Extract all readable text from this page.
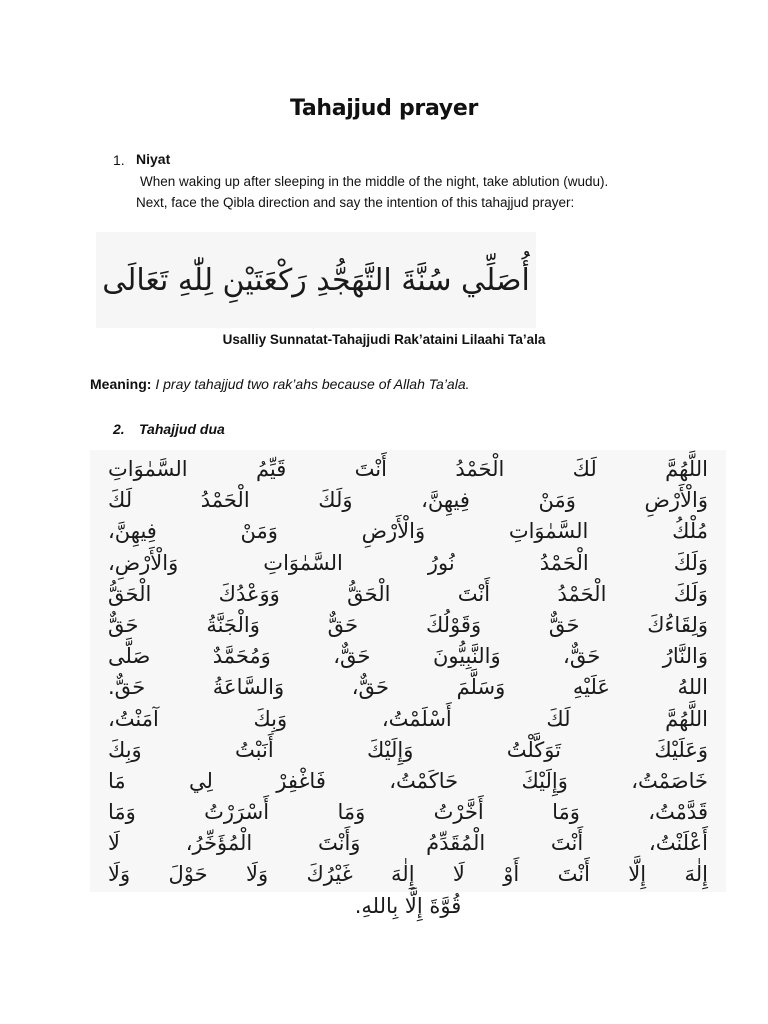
Tahajjud prayer
1. Niyat
When waking up after sleeping in the middle of the night, take ablution (wudu).
Next, face the Qibla direction and say the intention of this tahajjud prayer:
أُصَلِّي سُنَّةَ التَّهَجُّدِ رَكْعَتَيْنِ لِلّٰهِ تَعَالَى
Usalliy Sunnatat-Tahajjudi Rak’ataini Lilaahi Ta’ala
Meaning: I pray tahajjud two rak’ahs because of Allah Ta’ala.
2. Tahajjud dua
اللَّهُمَّ لَكَ الْحَمْدُ أَنْتَ قَيِّمُ السَّمٰوَاتِ
وَالْأَرْضِ وَمَنْ فِيهِنَّ، وَلَكَ الْحَمْدُ لَكَ
مُلْكُ السَّمٰوَاتِ وَالْأَرْضِ وَمَنْ فِيهِنَّ،
وَلَكَ الْحَمْدُ نُورُ السَّمٰوَاتِ وَالْأَرْضِ،
وَلَكَ الْحَمْدُ أَنْتَ الْحَقُّ وَوَعْدُكَ الْحَقُّ
وَلِقَاءُكَ حَقٌّ وَقَوْلُكَ حَقٌّ وَالْجَنَّةُ حَقٌّ
وَالنَّارُ حَقٌّ، وَالنَّبِيُّونَ حَقٌّ، وَمُحَمَّدٌ صَلَّى
اللهُ عَلَيْهِ وَسَلَّمَ حَقٌّ، وَالسَّاعَةُ حَقٌّ.
اللَّهُمَّ لَكَ أَسْلَمْتُ، وَبِكَ آمَنْتُ،
وَعَلَيْكَ تَوَكَّلْتُ وَإِلَيْكَ أَنَبْتُ وَبِكَ
خَاصَمْتُ، وَإِلَيْكَ حَاكَمْتُ، فَاغْفِرْ لِي مَا
قَدَّمْتُ، وَمَا أَخَّرْتُ وَمَا أَسْرَرْتُ وَمَا
أَعْلَنْتُ، أَنْتَ الْمُقَدِّمُ وَأَنْتَ الْمُؤَخِّرُ، لَا
إِلٰهَ إِلَّا أَنْتَ أَوْ لَا إِلٰهَ غَيْرُكَ وَلَا حَوْلَ وَلَا
قُوَّةَ إِلَّا بِاللهِ.
